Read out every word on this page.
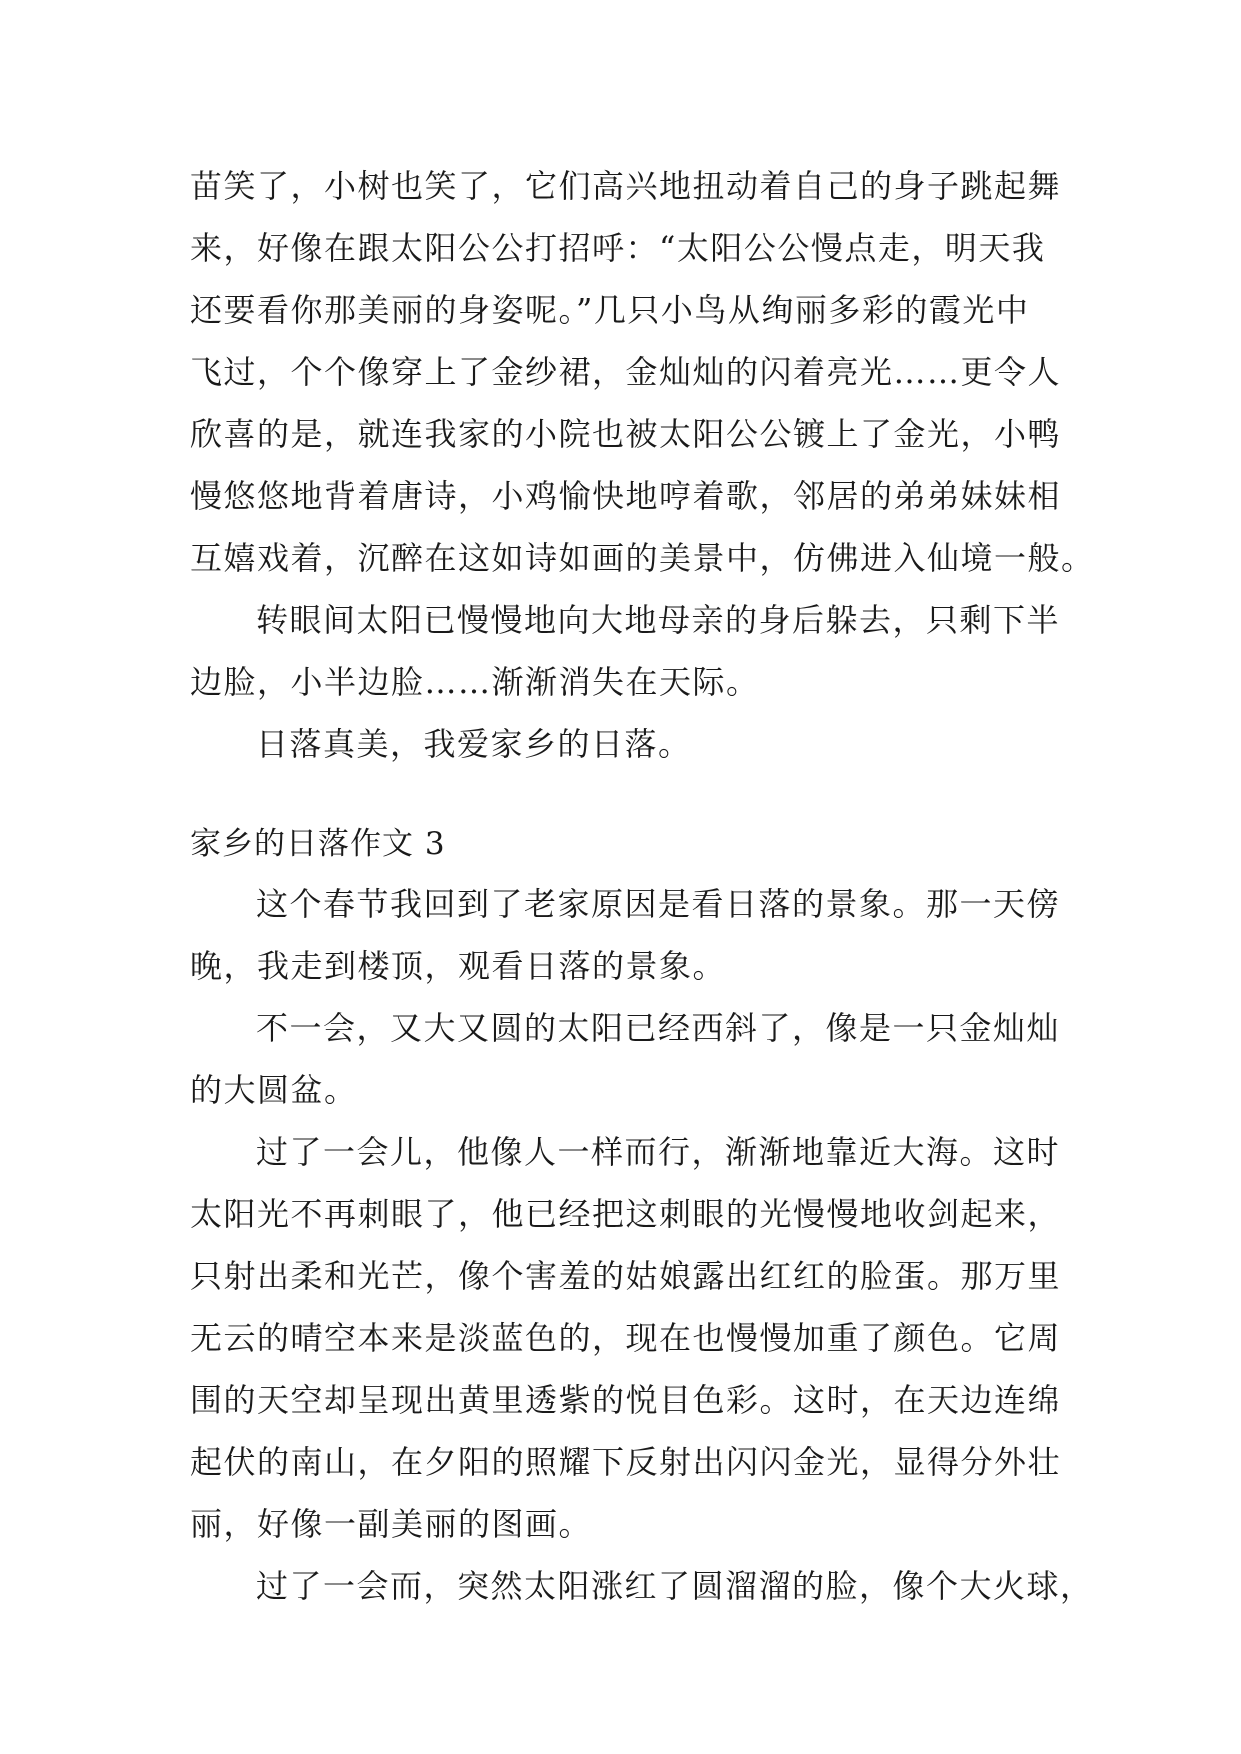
苗笑了，小树也笑了，它们高兴地扭动着自己的身子跳起舞
来，好像在跟太阳公公打招呼：“太阳公公慢点走，明天我
还要看你那美丽的身姿呢。”几只小鸟从绚丽多彩的霞光中
飞过，个个像穿上了金纱裙，金灿灿的闪着亮光……更令人
欣喜的是，就连我家的小院也被太阳公公镀上了金光，小鸭
慢悠悠地背着唐诗，小鸡愉快地哼着歌，邻居的弟弟妹妹相
互嬉戏着，沉醉在这如诗如画的美景中，仿佛进入仙境一般。
转眼间太阳已慢慢地向大地母亲的身后躲去，只剩下半
边脸，小半边脸……渐渐消失在天际。
日落真美，我爱家乡的日落。
家乡的日落作文 3
这个春节我回到了老家原因是看日落的景象。那一天傍
晚，我走到楼顶，观看日落的景象。
不一会，又大又圆的太阳已经西斜了，像是一只金灿灿
的大圆盆。
过了一会儿，他像人一样而行，渐渐地靠近大海。这时
太阳光不再刺眼了，他已经把这刺眼的光慢慢地收剑起来，
只射出柔和光芒，像个害羞的姑娘露出红红的脸蛋。那万里
无云的晴空本来是淡蓝色的，现在也慢慢加重了颜色。它周
围的天空却呈现出黄里透紫的悦目色彩。这时，在天边连绵
起伏的南山，在夕阳的照耀下反射出闪闪金光，显得分外壮
丽，好像一副美丽的图画。
过了一会而，突然太阳涨红了圆溜溜的脸，像个大火球，
